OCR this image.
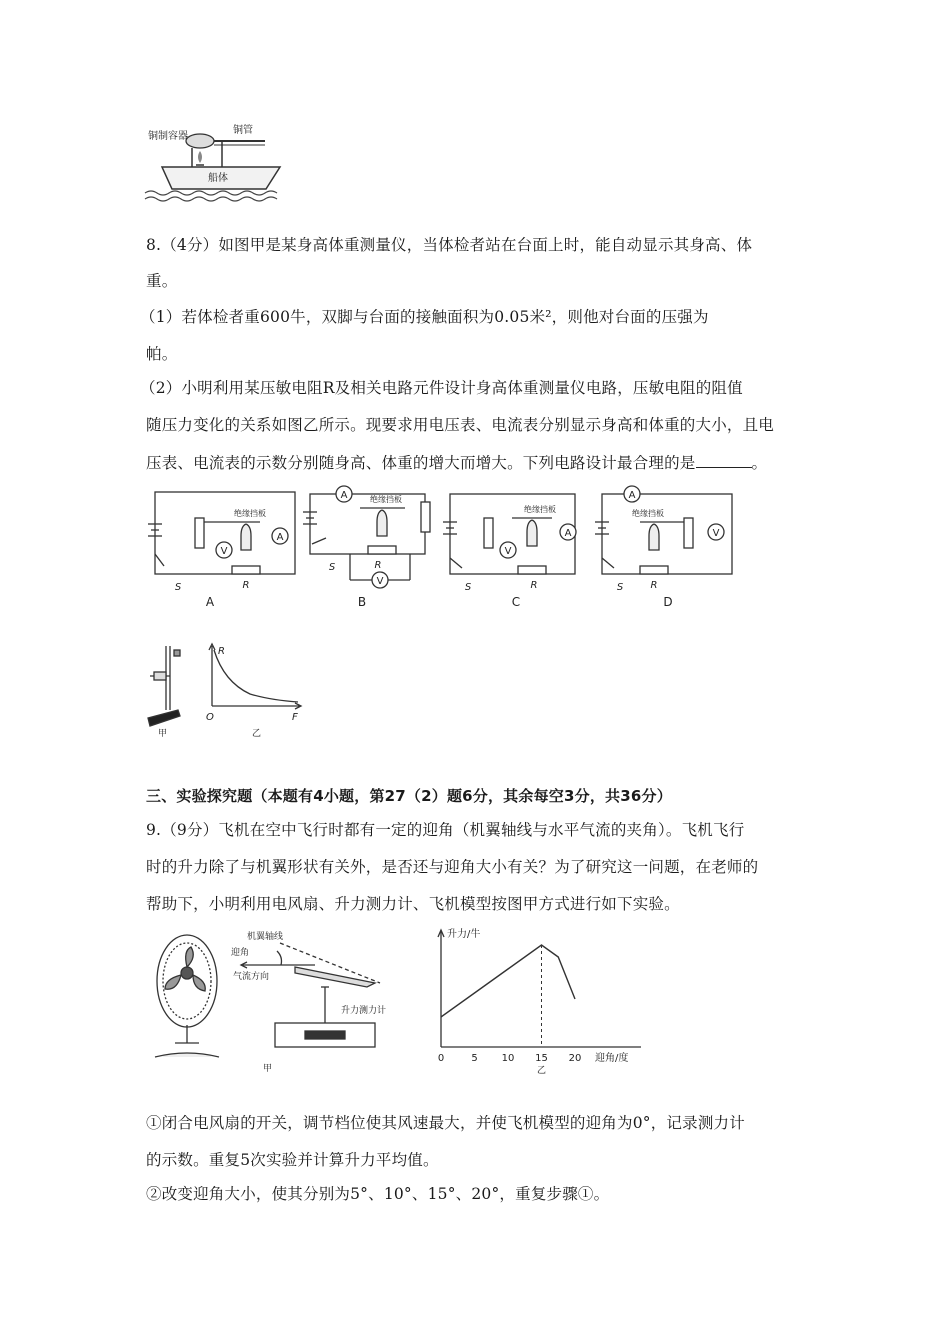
铜制容器
铜管
船体
8.（4分）如图甲是某身高体重测量仪，当体检者站在台面上时，能自动显示其身高、体
重。
（1）若体检者重600牛，双脚与台面的接触面积为0.05米²，则他对台面的压强为
帕。
（2）小明利用某压敏电阻R及相关电路元件设计身高体重测量仪电路，压敏电阻的阻值
随压力变化的关系如图乙所示。现要求用电压表、电流表分别显示身高和体重的大小，且电
压表、电流表的示数分别随身高、体重的增大而增大。下列电路设计最合理的是	。
A
V
绝缘挡板
S	R
A
A
V
绝缘挡板
S	R
B
A
V
绝缘挡板
S	R
C
A
V
绝缘挡板
S	R
D
甲
R
O	F
乙
三、实验探究题（本题有4小题，第27（2）题6分，其余每空3分，共36分）
9.（9分）飞机在空中飞行时都有一定的迎角（机翼轴线与水平气流的夹角）。飞机飞行
时的升力除了与机翼形状有关外，是否还与迎角大小有关？为了研究这一问题，在老师的
帮助下，小明利用电风扇、升力测力计、飞机模型按图甲方式进行如下实验。
机翼轴线
迎角
气流方向
升力测力计
甲
升力/牛
迎角/度
0	5 10 15 20
乙
①闭合电风扇的开关，调节档位使其风速最大，并使飞机模型的迎角为0°，记录测力计
的示数。重复5次实验并计算升力平均值。
②改变迎角大小，使其分别为5°、10°、15°、20°，重复步骤①。
